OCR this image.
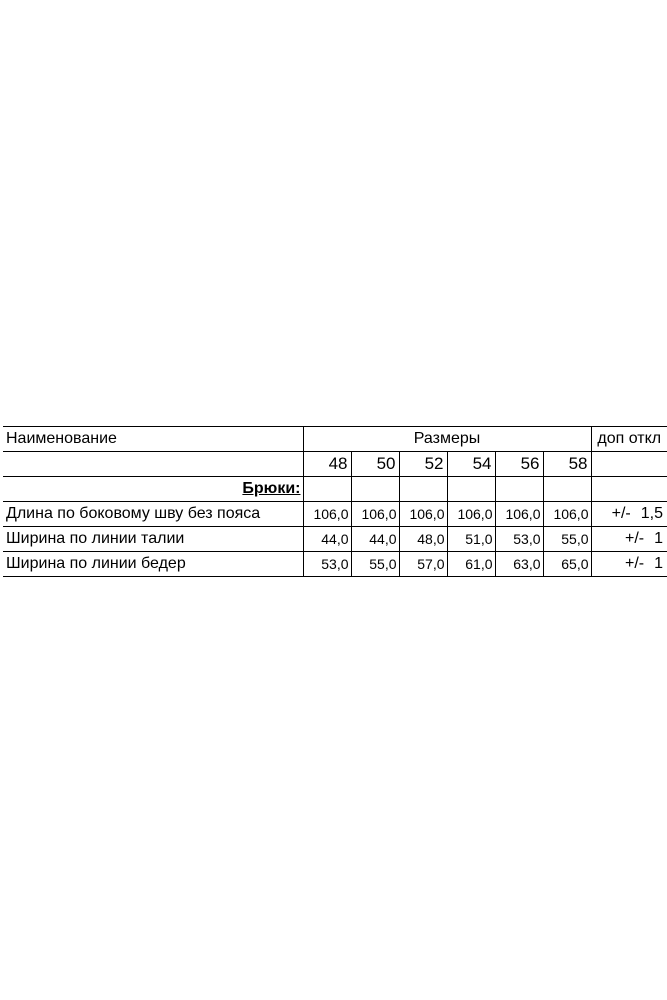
Наименование	Размеры						доп откл
	48	50	52	54	56	58	
Брюки:							
Длина по боковому шву без пояса	106,0	106,0	106,0	106,0	106,0	106,0	+/- 1,5
Ширина по линии талии	44,0	44,0	48,0	51,0	53,0	55,0	+/- 1
Ширина по линии бедер	53,0	55,0	57,0	61,0	63,0	65,0	+/- 1
